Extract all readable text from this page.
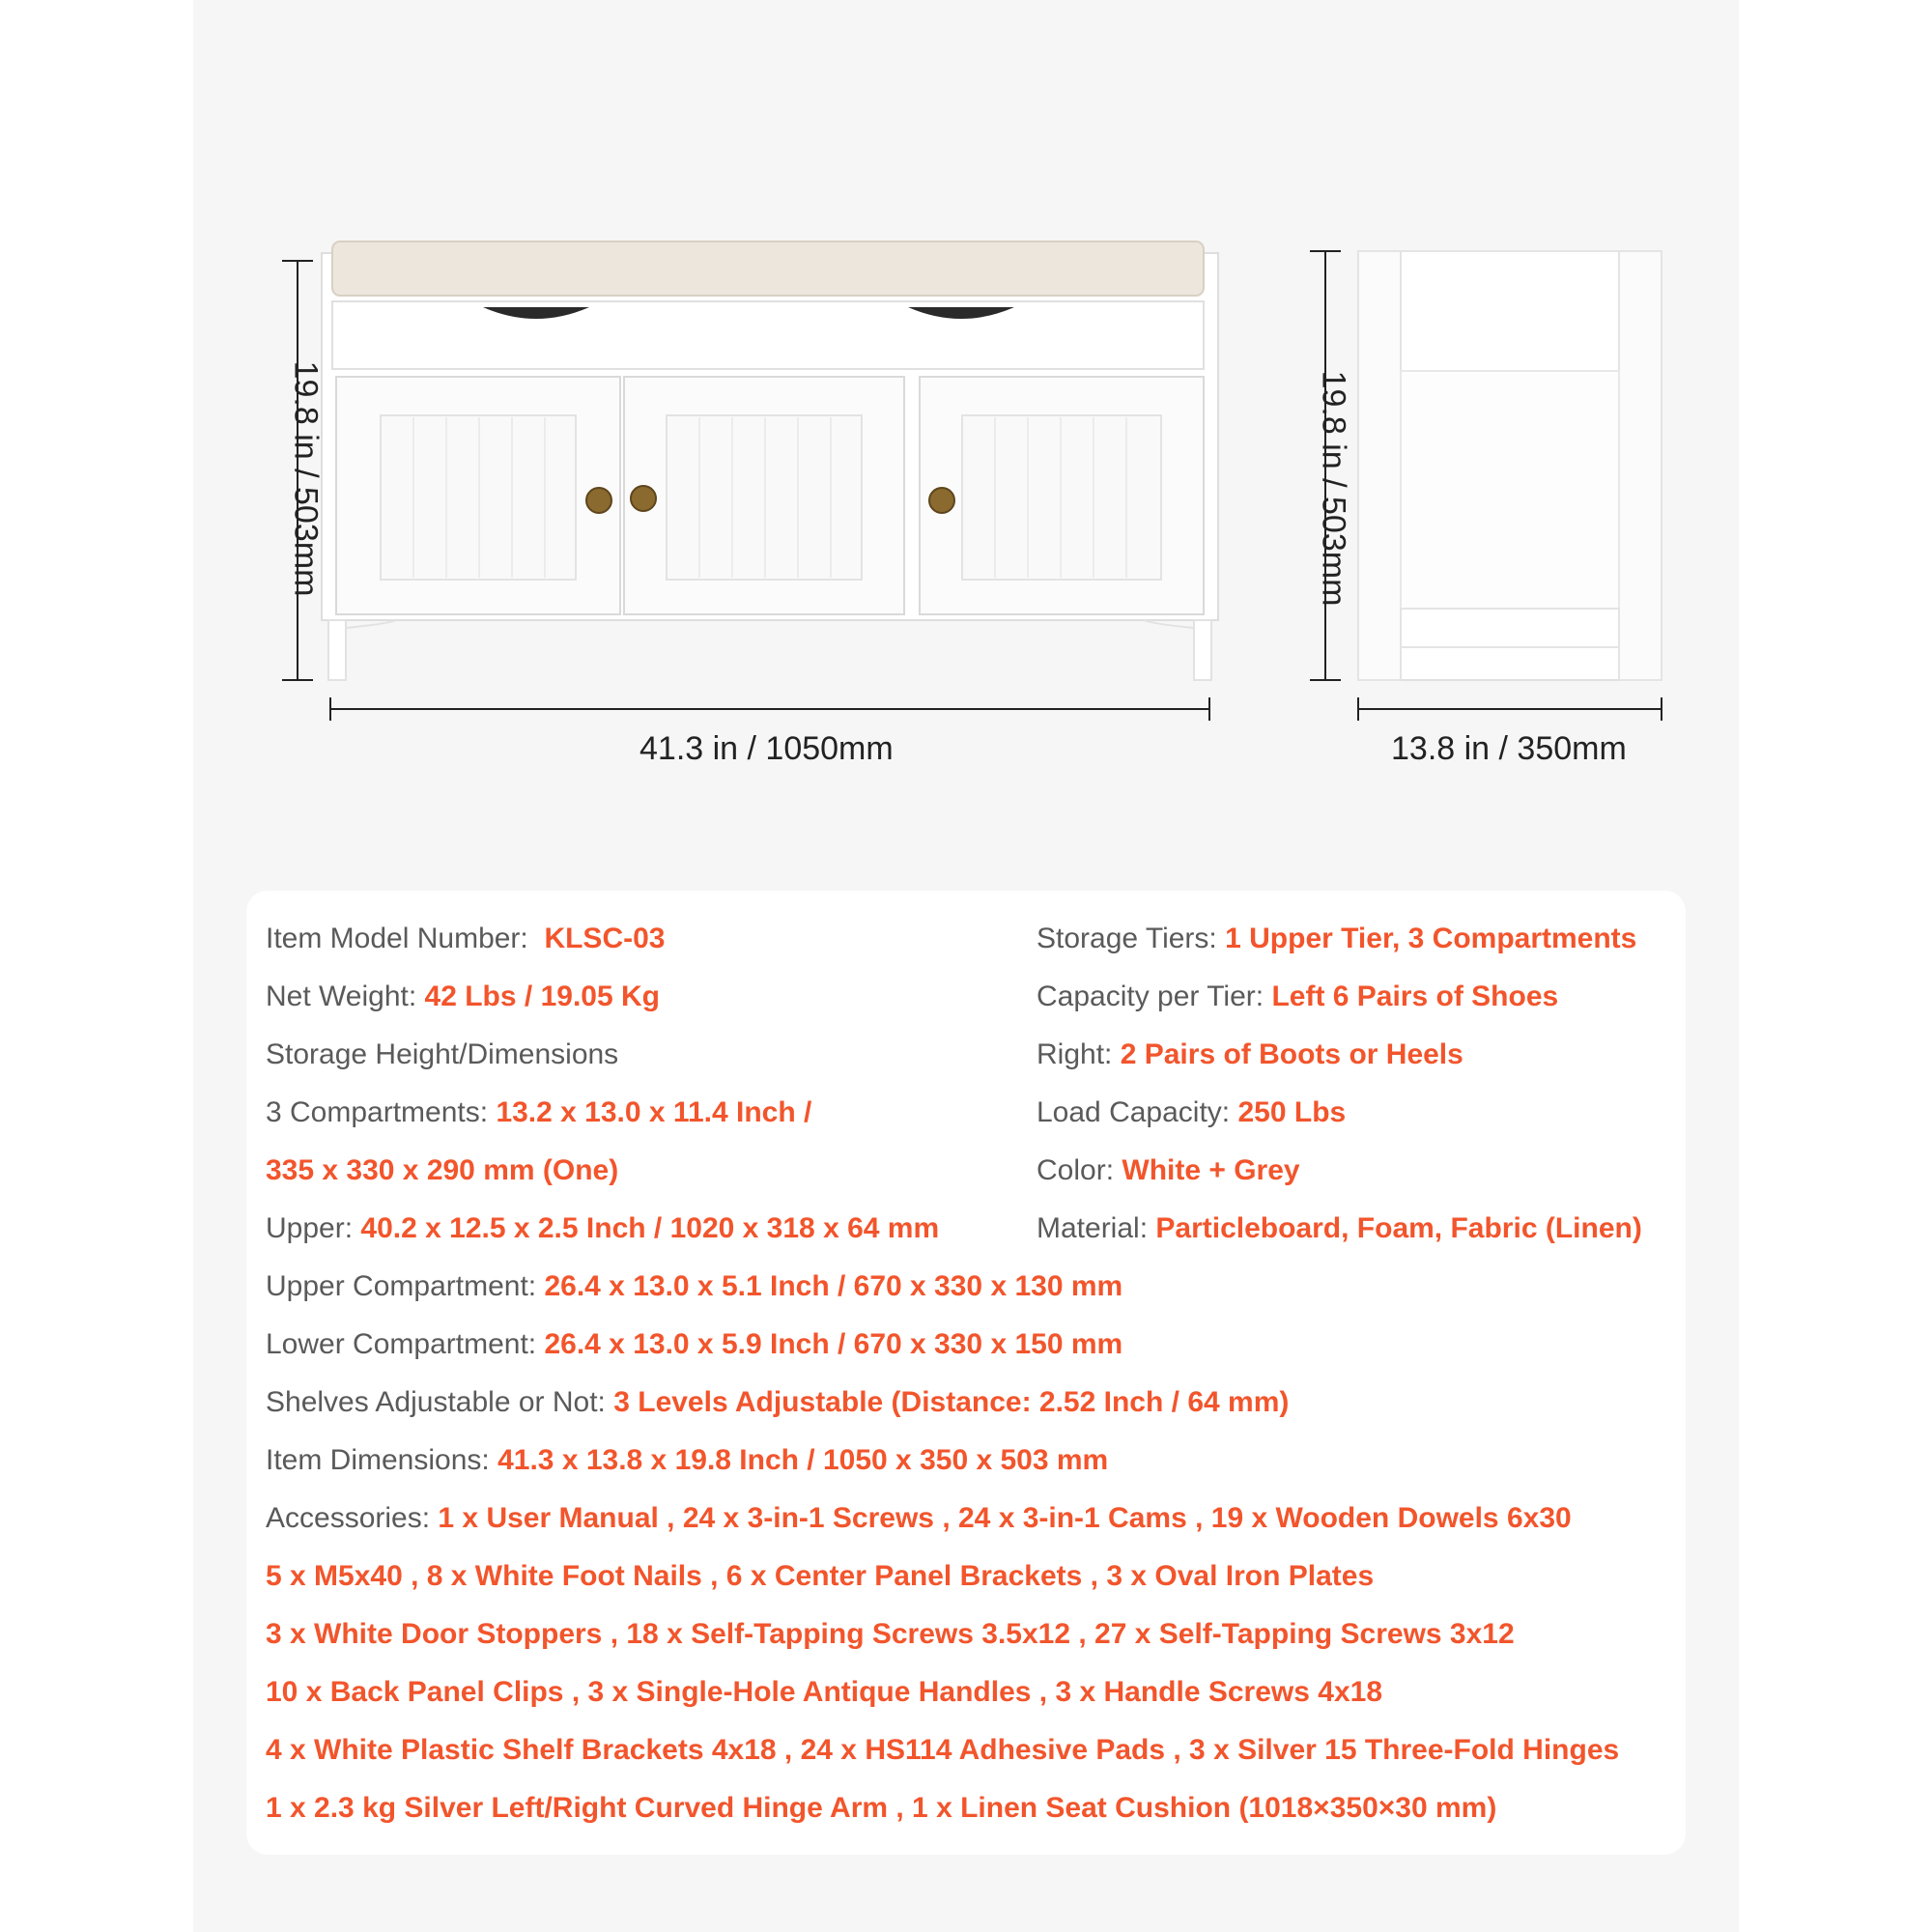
19.8 in / 503mm
41.3 in / 1050mm
19.8 in / 503mm
13.8 in / 350mm
Item Model Number: KLSC-03
Net Weight: 42 Lbs / 19.05 Kg
Storage Height/Dimensions
3 Compartments: 13.2 x 13.0 x 11.4 Inch /
335 x 330 x 290 mm (One)
Upper: 40.2 x 12.5 x 2.5 Inch / 1020 x 318 x 64 mm
Storage Tiers: 1 Upper Tier, 3 Compartments
Capacity per Tier: Left 6 Pairs of Shoes
Right: 2 Pairs of Boots or Heels
Load Capacity: 250 Lbs
Color: White + Grey
Material: Particleboard, Foam, Fabric (Linen)
Upper Compartment: 26.4 x 13.0 x 5.1 Inch / 670 x 330 x 130 mm
Lower Compartment: 26.4 x 13.0 x 5.9 Inch / 670 x 330 x 150 mm
Shelves Adjustable or Not: 3 Levels Adjustable (Distance: 2.52 Inch / 64 mm)
Item Dimensions: 41.3 x 13.8 x 19.8 Inch / 1050 x 350 x 503 mm
Accessories: 1 x User Manual , 24 x 3-in-1 Screws , 24 x 3-in-1 Cams , 19 x Wooden Dowels 6x30
5 x M5x40 , 8 x White Foot Nails , 6 x Center Panel Brackets , 3 x Oval Iron Plates
3 x White Door Stoppers , 18 x Self-Tapping Screws 3.5x12 , 27 x Self-Tapping Screws 3x12
10 x Back Panel Clips , 3 x Single-Hole Antique Handles , 3 x Handle Screws 4x18
4 x White Plastic Shelf Brackets 4x18 , 24 x HS114 Adhesive Pads , 3 x Silver 15 Three-Fold Hinges
1 x 2.3 kg Silver Left/Right Curved Hinge Arm , 1 x Linen Seat Cushion (1018×350×30 mm)
